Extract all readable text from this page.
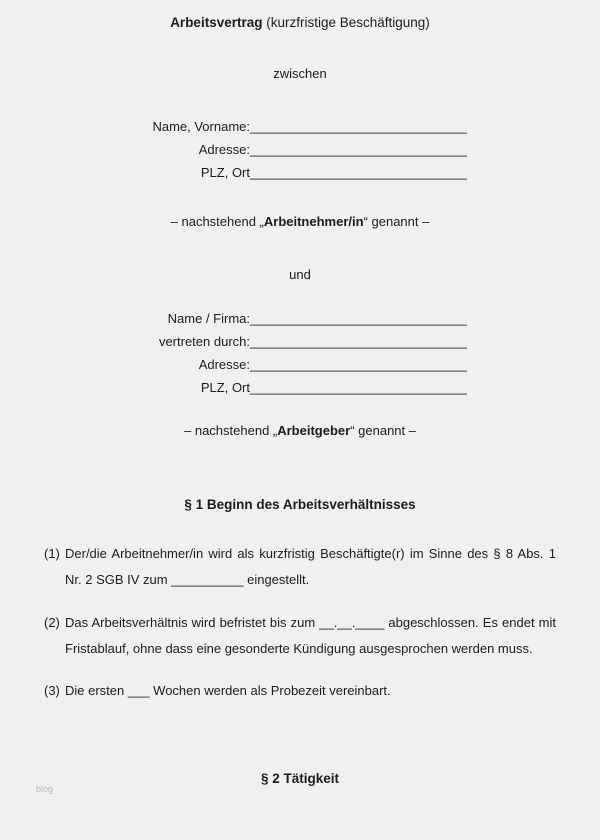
Arbeitsvertrag (kurzfristige Beschäftigung)
zwischen
Name, Vorname:______________________________
Adresse:______________________________
PLZ, Ort______________________________
– nachstehend „Arbeitnehmer/in“ genannt –
und
Name / Firma:______________________________
vertreten durch:______________________________
Adresse:______________________________
PLZ, Ort______________________________
– nachstehend „Arbeitgeber“ genannt –
§ 1 Beginn des Arbeitsverhältnisses
(1) Der/die Arbeitnehmer/in wird als kurzfristig Beschäftigte(r) im Sinne des § 8 Abs. 1 Nr. 2 SGB IV zum __________ eingestellt.
(2) Das Arbeitsverhältnis wird befristet bis zum __.__.____ abgeschlossen. Es endet mit Fristablauf, ohne dass eine gesonderte Kündigung ausgesprochen werden muss.
(3) Die ersten ___ Wochen werden als Probezeit vereinbart.
§ 2 Tätigkeit
blog
